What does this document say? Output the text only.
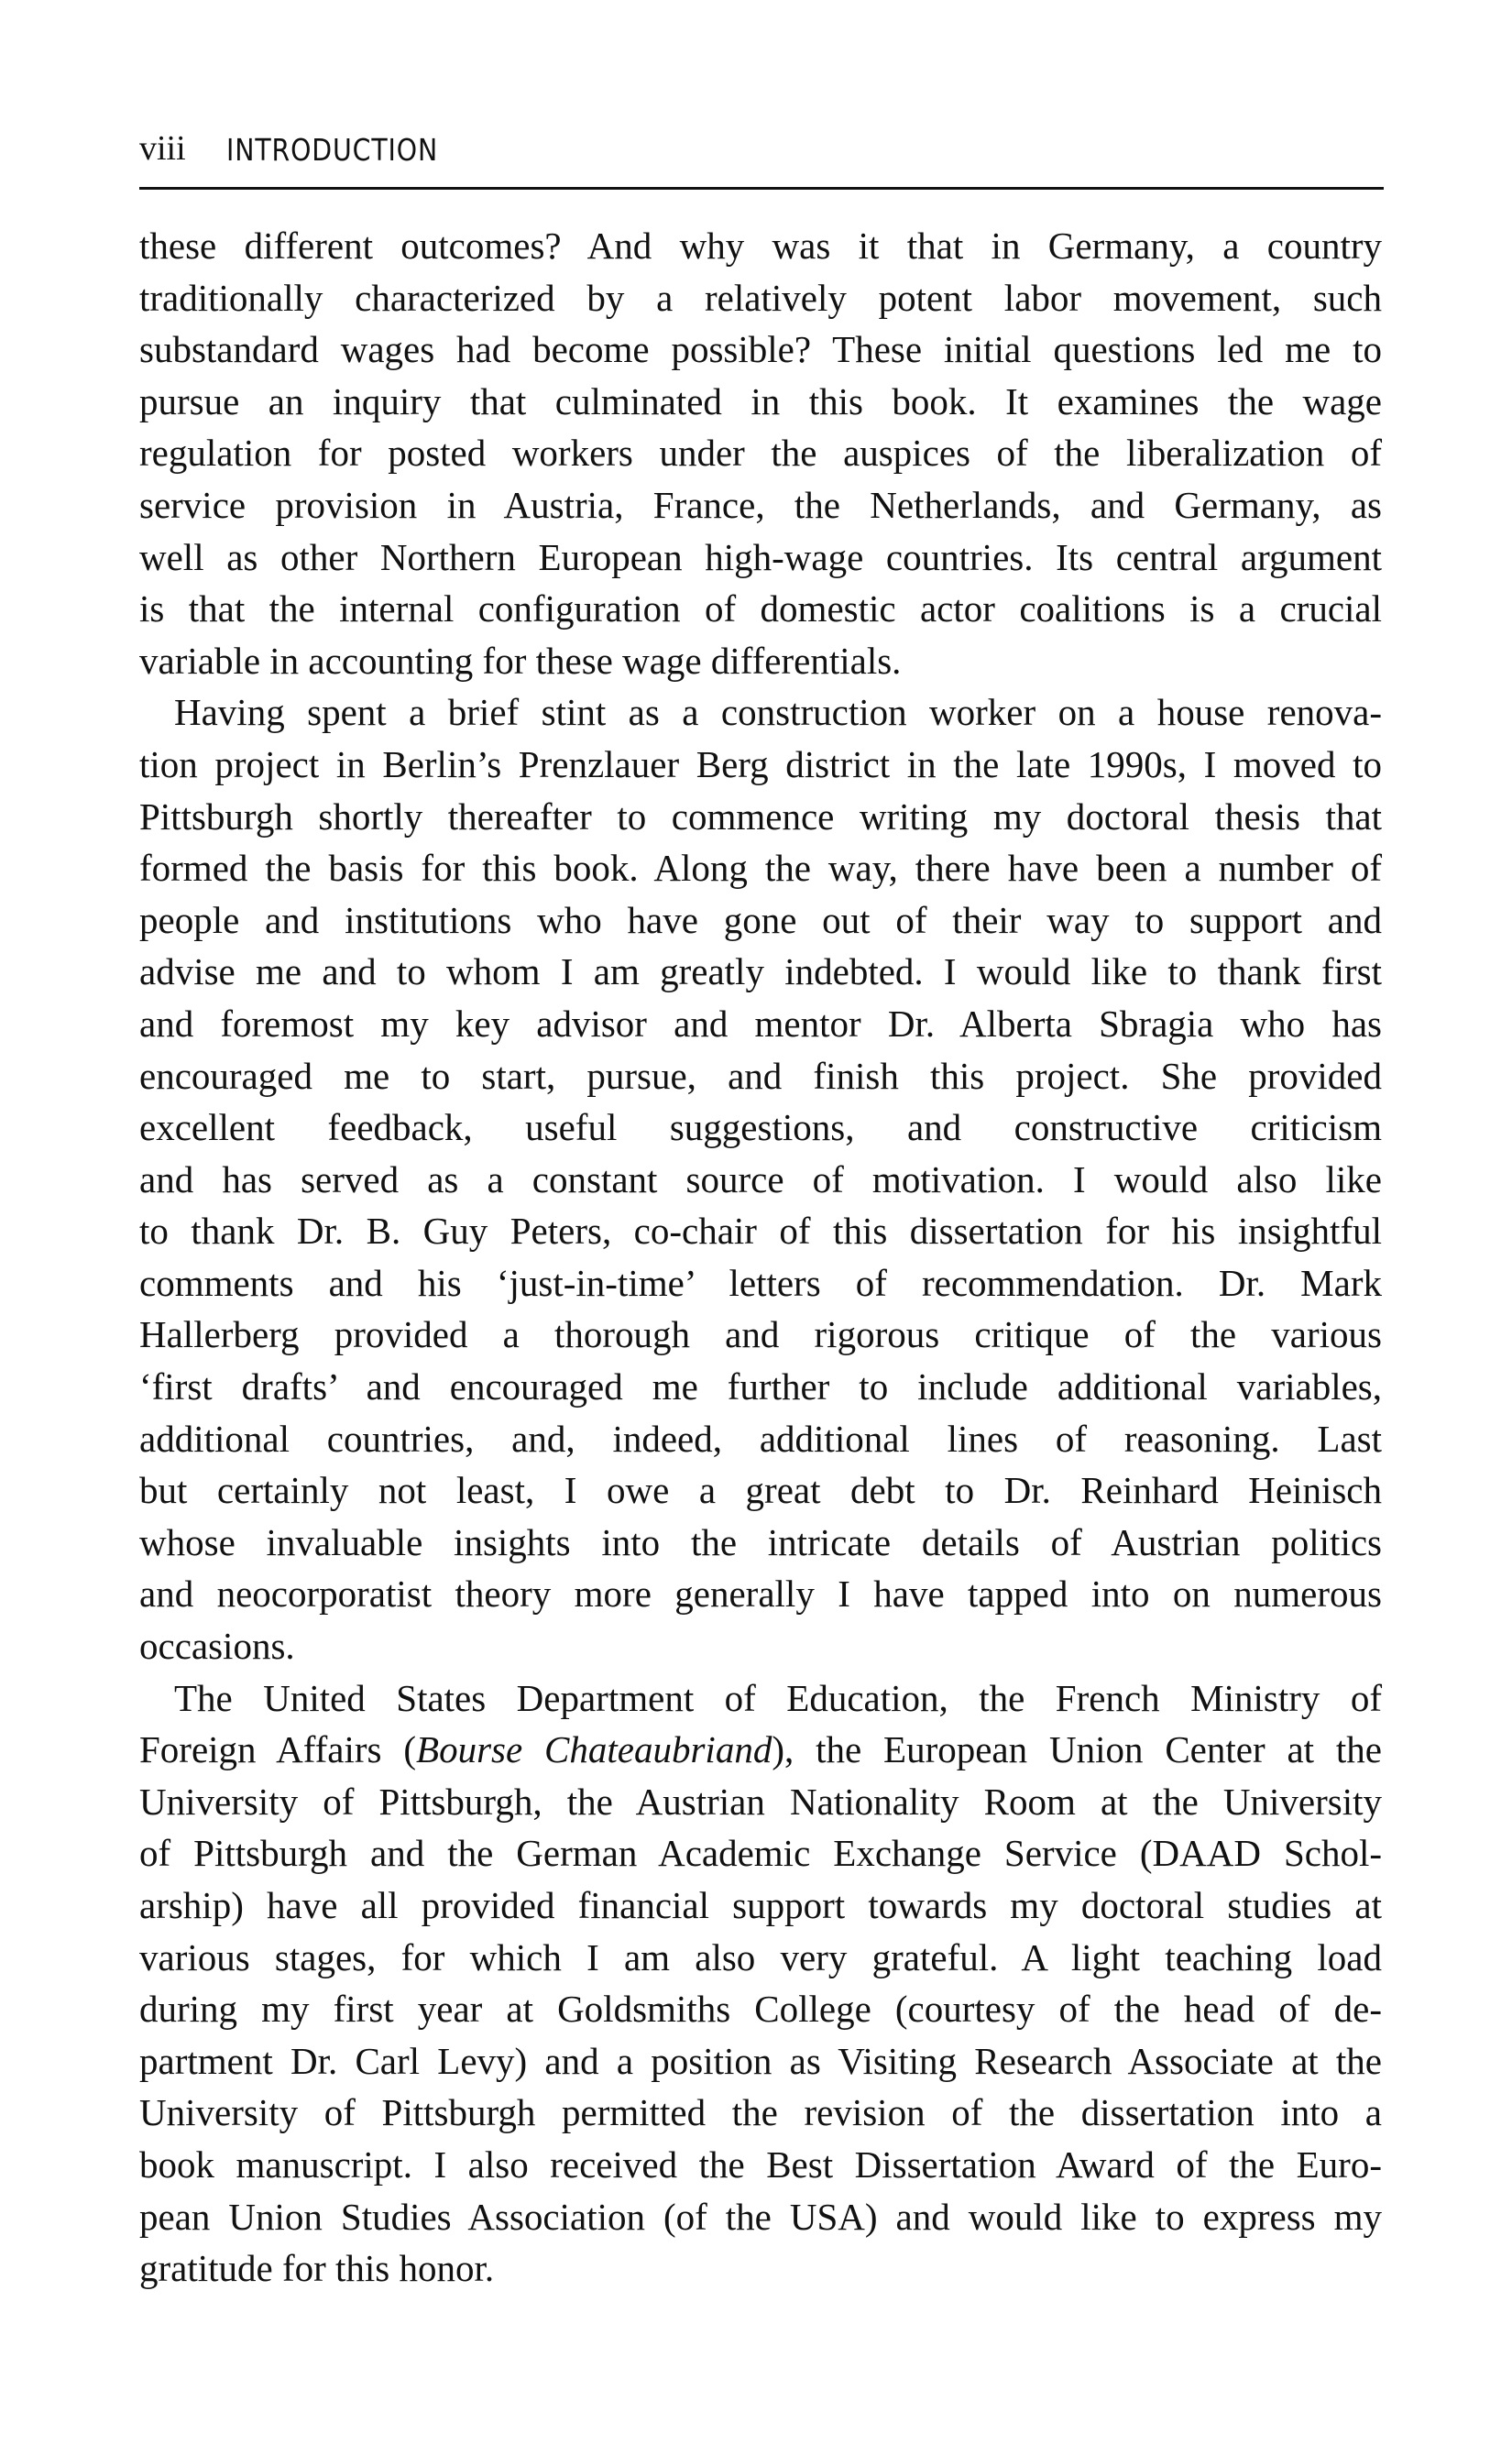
viii INTRODUCTION
these different outcomes? And why was it that in Germany, a country
traditionally characterized by a relatively potent labor movement, such
substandard wages had become possible? These initial questions led me to
pursue an inquiry that culminated in this book. It examines the wage
regulation for posted workers under the auspices of the liberalization of
service provision in Austria, France, the Netherlands, and Germany, as
well as other Northern European high-wage countries. Its central argument
is that the internal configuration of domestic actor coalitions is a crucial
variable in accounting for these wage differentials.
Having spent a brief stint as a construction worker on a house renova-
tion project in Berlin’s Prenzlauer Berg district in the late 1990s, I moved to
Pittsburgh shortly thereafter to commence writing my doctoral thesis that
formed the basis for this book. Along the way, there have been a number of
people and institutions who have gone out of their way to support and
advise me and to whom I am greatly indebted. I would like to thank first
and foremost my key advisor and mentor Dr. Alberta Sbragia who has
encouraged me to start, pursue, and finish this project. She provided
excellent feedback, useful suggestions, and constructive criticism
and has served as a constant source of motivation. I would also like
to thank Dr. B. Guy Peters, co-chair of this dissertation for his insightful
comments and his ‘just-in-time’ letters of recommendation. Dr. Mark
Hallerberg provided a thorough and rigorous critique of the various
‘first drafts’ and encouraged me further to include additional variables,
additional countries, and, indeed, additional lines of reasoning. Last
but certainly not least, I owe a great debt to Dr. Reinhard Heinisch
whose invaluable insights into the intricate details of Austrian politics
and neocorporatist theory more generally I have tapped into on numerous
occasions.
The United States Department of Education, the French Ministry of
Foreign Affairs (Bourse Chateaubriand), the European Union Center at the
University of Pittsburgh, the Austrian Nationality Room at the University
of Pittsburgh and the German Academic Exchange Service (DAAD Schol-
arship) have all provided financial support towards my doctoral studies at
various stages, for which I am also very grateful. A light teaching load
during my first year at Goldsmiths College (courtesy of the head of de-
partment Dr. Carl Levy) and a position as Visiting Research Associate at the
University of Pittsburgh permitted the revision of the dissertation into a
book manuscript. I also received the Best Dissertation Award of the Euro-
pean Union Studies Association (of the USA) and would like to express my
gratitude for this honor.
